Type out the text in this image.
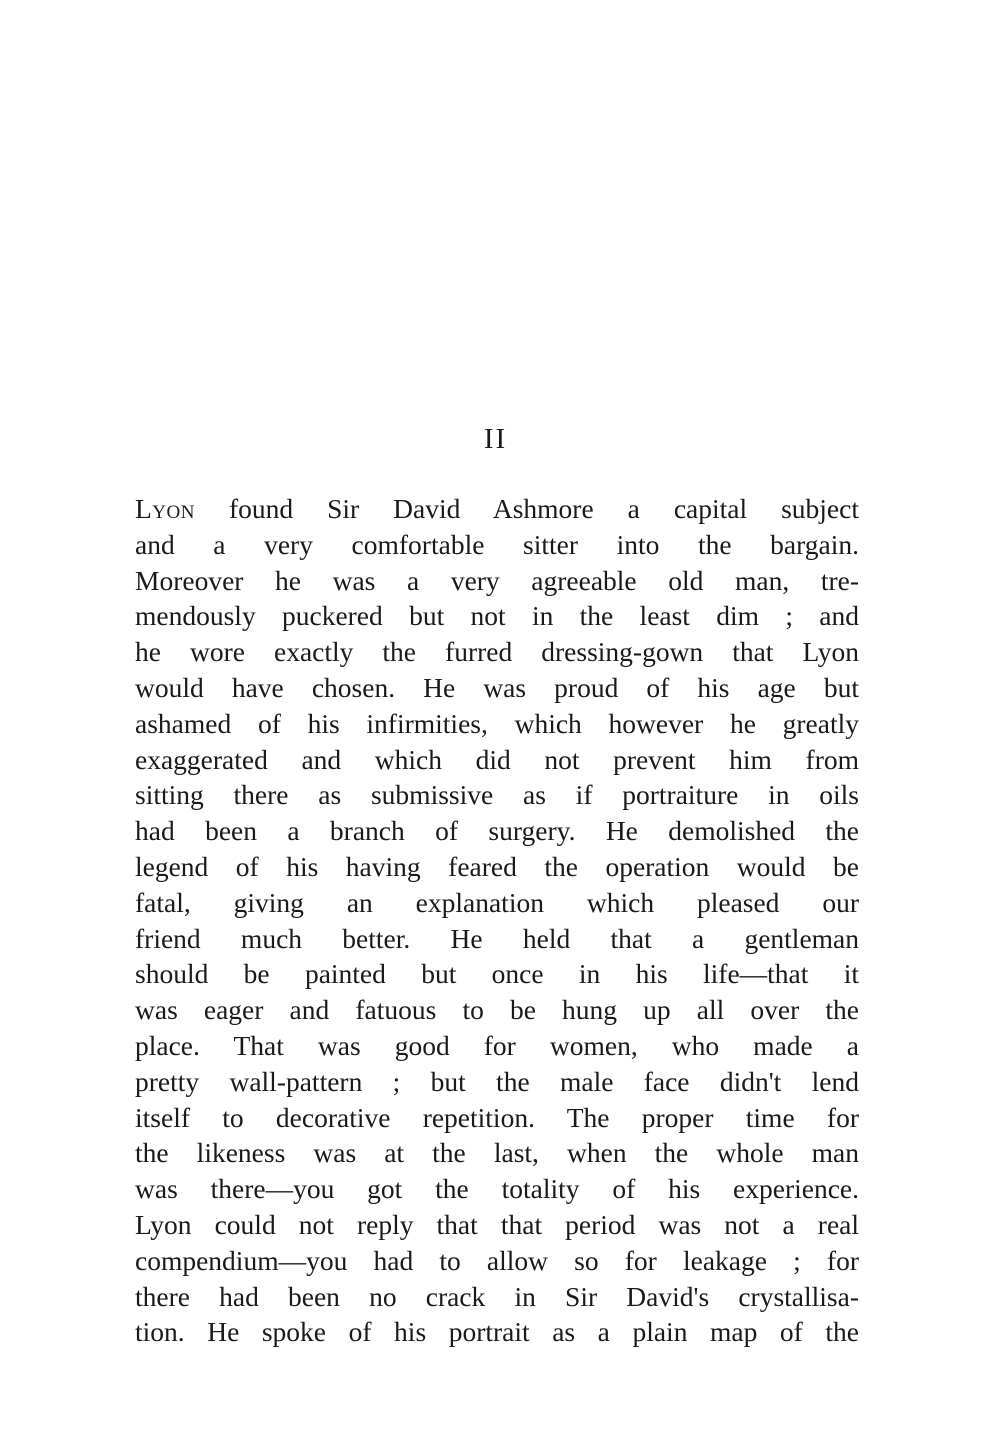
II
Lyon found Sir David Ashmore a capital subject
and a very comfortable sitter into the bargain.
Moreover he was a very agreeable old man, tre-
mendously puckered but not in the least dim ; and
he wore exactly the furred dressing-gown that Lyon
would have chosen. He was proud of his age but
ashamed of his infirmities, which however he greatly
exaggerated and which did not prevent him from
sitting there as submissive as if portraiture in oils
had been a branch of surgery. He demolished the
legend of his having feared the operation would be
fatal, giving an explanation which pleased our
friend much better. He held that a gentleman
should be painted but once in his life—that it
was eager and fatuous to be hung up all over the
place. That was good for women, who made a
pretty wall-pattern ; but the male face didn't lend
itself to decorative repetition. The proper time for
the likeness was at the last, when the whole man
was there—you got the totality of his experience.
Lyon could not reply that that period was not a real
compendium—you had to allow so for leakage ; for
there had been no crack in Sir David's crystallisa-
tion. He spoke of his portrait as a plain map of the
